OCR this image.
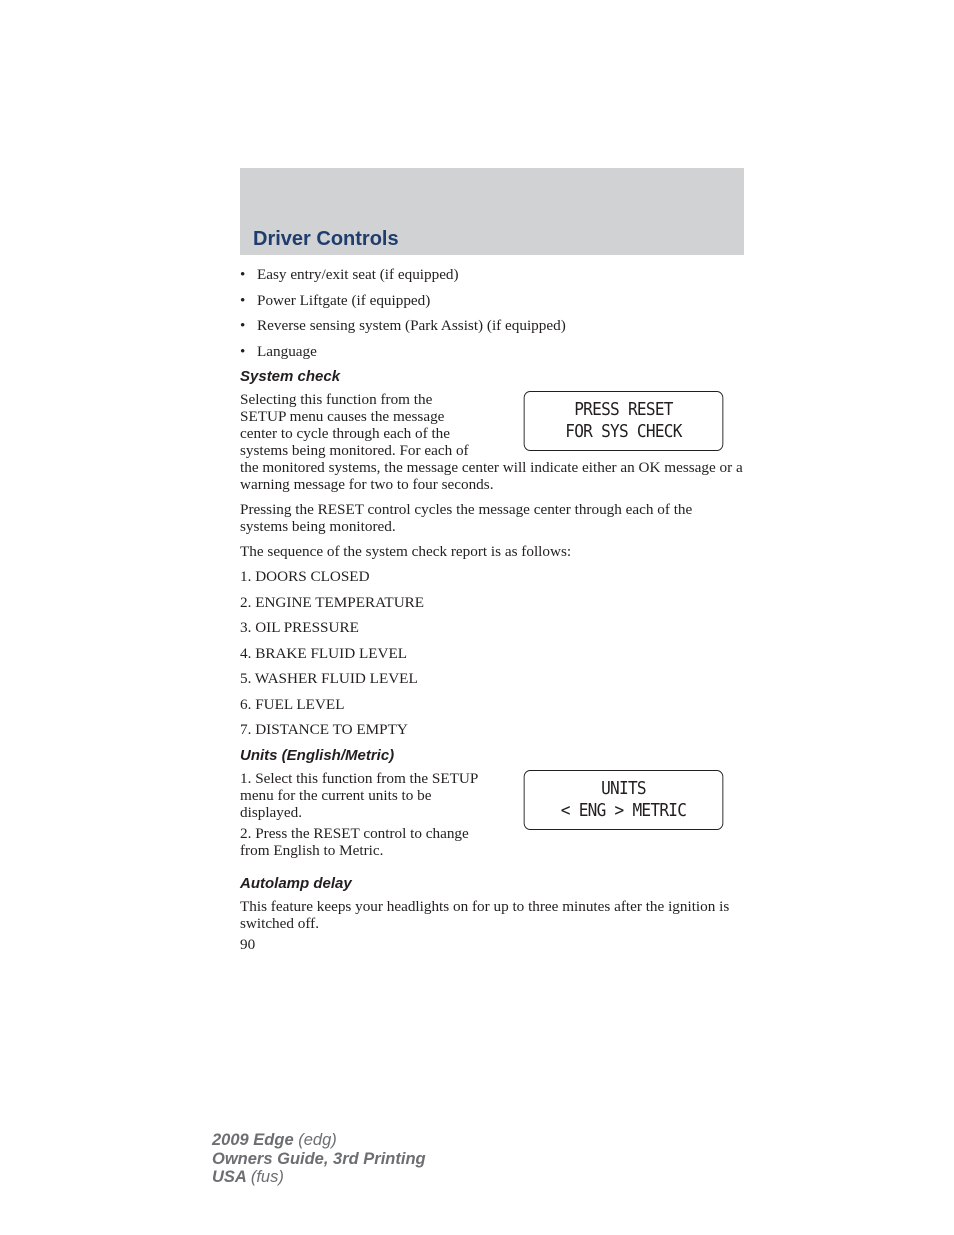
Driver Controls
• Easy entry/exit seat (if equipped)
• Power Liftgate (if equipped)
• Reverse sensing system (Park Assist) (if equipped)
• Language
System check
PRESS RESET
FOR SYS CHECK

Selecting this function from the SETUP menu causes the message center to cycle through each of the systems being monitored. For each of the monitored systems, the message center will indicate either an OK message or a warning message for two to four seconds.

Pressing the RESET control cycles the message center through each of the systems being monitored.

The sequence of the system check report is as follows:

1. DOORS CLOSED
2. ENGINE TEMPERATURE
3. OIL PRESSURE
4. BRAKE FLUID LEVEL
5. WASHER FLUID LEVEL
6. FUEL LEVEL
7. DISTANCE TO EMPTY
Units (English/Metric)
UNITS
< ENG > METRIC

1. Select this function from the SETUP menu for the current units to be displayed.

2. Press the RESET control to change from English to Metric.

Autolamp delay

This feature keeps your headlights on for up to three minutes after the ignition is switched off.

90
2009 Edge (edg)
Owners Guide, 3rd Printing
USA (fus)
